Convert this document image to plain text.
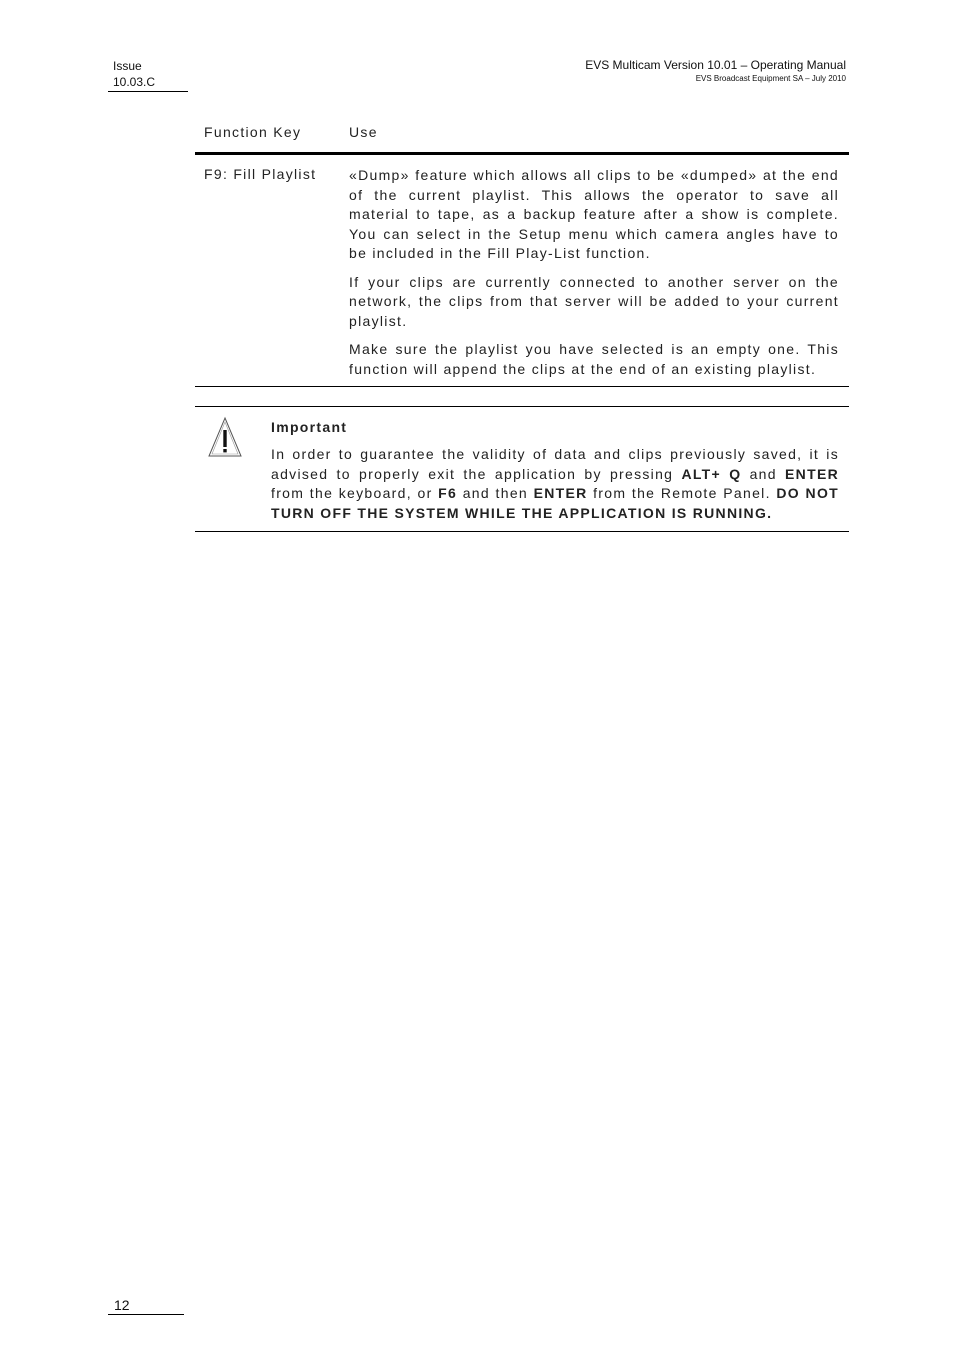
Issue
10.03.C
EVS Multicam Version 10.01 – Operating Manual
EVS Broadcast Equipment SA – July 2010
Function Key	Use
F9: Fill Playlist	«Dump» feature which allows all clips to be «dumped» at the end of the current playlist. This allows the operator to save all material to tape, as a backup feature after a show is complete. You can select in the Setup menu which camera angles have to be included in the Fill Play-List function.

If your clips are currently connected to another server on the network, the clips from that server will be added to your current playlist.

Make sure the playlist you have selected is an empty one. This function will append the clips at the end of an existing playlist.

Important
In order to guarantee the validity of data and clips previously saved, it is advised to properly exit the application by pressing ALT+ Q and ENTER from the keyboard, or F6 and then ENTER from the Remote Panel. DO NOT TURN OFF THE SYSTEM WHILE THE APPLICATION IS RUNNING.
12
